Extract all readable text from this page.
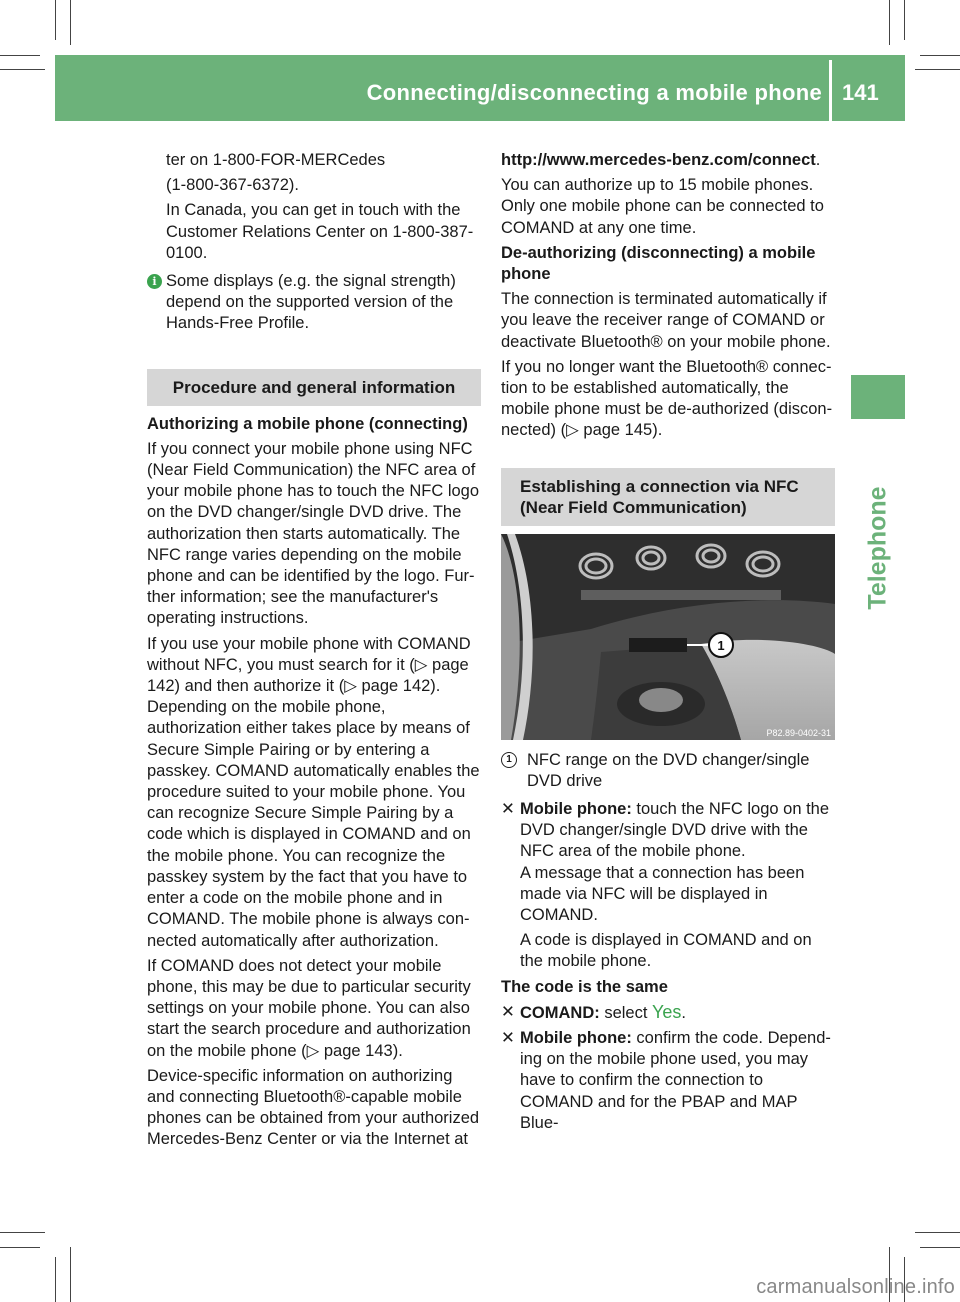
Connecting/disconnecting a mobile phone 141
Telephone

ter on 1-800-FOR-MERCedes

(1-800-367-6372).

In Canada, you can get in touch with the Customer Relations Center on 1-800-387-0100.

i Some displays (e.g. the signal strength) depend on the supported version of the Hands-Free Profile.
Procedure and general information

Authorizing a mobile phone (connecting)

If you connect your mobile phone using NFC (Near Field Communication) the NFC area of your mobile phone has to touch the NFC logo on the DVD changer/single DVD drive. The authorization then starts automatically. The NFC range varies depending on the mobile phone and can be identified by the logo. Further information; see the manufacturer's operating instructions.

If you use your mobile phone with COMAND without NFC, you must search for it (▷ page 142) and then authorize it (▷ page 142). Depending on the mobile phone, authorization either takes place by means of Secure Simple Pairing or by entering a passkey. COMAND automatically enables the procedure suited to your mobile phone. You can recognize Secure Simple Pairing by a code which is displayed in COMAND and on the mobile phone. You can recognize the passkey system by the fact that you have to enter a code on the mobile phone and in COMAND. The mobile phone is always connected automatically after authorization.

If COMAND does not detect your mobile phone, this may be due to particular security settings on your mobile phone. You can also start the search procedure and authorization on the mobile phone (▷ page 143).

Device-specific information on authorizing and connecting Bluetooth®-capable mobile phones can be obtained from your authorized Mercedes-Benz Center or via the Internet at

http://www.mercedes-benz.com/connect.

You can authorize up to 15 mobile phones. Only one mobile phone can be connected to COMAND at any one time.

De-authorizing (disconnecting) a mobile phone

The connection is terminated automatically if you leave the receiver range of COMAND or deactivate Bluetooth® on your mobile phone.

If you no longer want the Bluetooth® connection to be established automatically, the mobile phone must be de-authorized (disconnected) (▷ page 145).

Establishing a connection via NFC
(Near Field Communication)
1
P82.89-0402-31
1 NFC range on the DVD changer/single DVD drive
✕ Mobile phone: touch the NFC logo on the DVD changer/single DVD drive with the NFC area of the mobile phone.
A message that a connection has been made via NFC will be displayed in COMAND.
A code is displayed in COMAND and on the mobile phone.

The code is the same

✕ COMAND: select Yes.
✕ Mobile phone: confirm the code. Depending on the mobile phone used, you may have to confirm the connection to COMAND and for the PBAP and MAP Blue-
carmanualsonline.info
